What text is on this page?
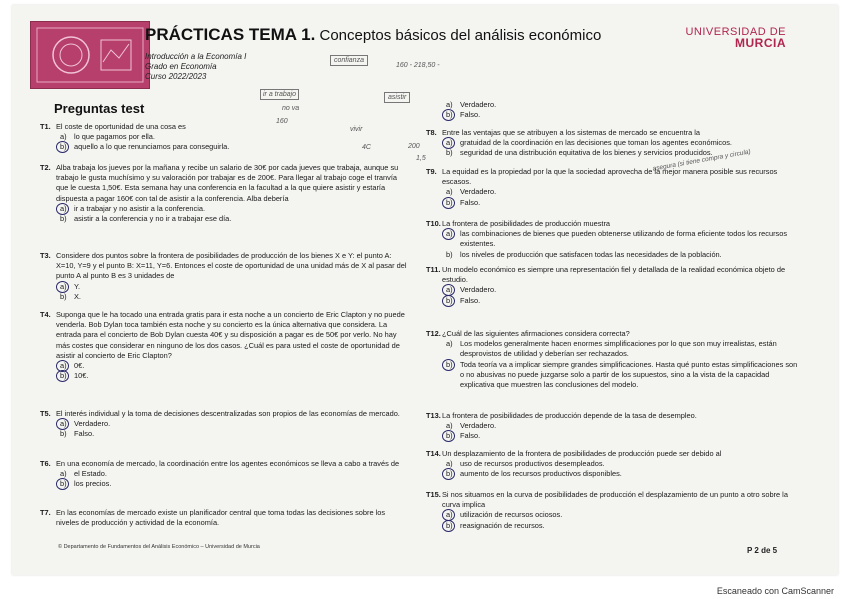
PRÁCTICAS TEMA 1. Conceptos básicos del análisis económico
Introducción a la Economía I
Grado en Economía
Curso 2022/2023
UNIVERSIDAD DE
MURCIA
confianza
160 - 218,50 -
ir a trabajo
no va
asistir
160
vivir
4C	200
1,5	asegura (si tiene compra y circula)
Preguntas test
T1. El coste de oportunidad de una cosa es
a) lo que pagamos por ella.
b) aquello a lo que renunciamos para conseguirla.
T2. Alba trabaja los jueves por la mañana y recibe un salario de 30€ por cada jueves que trabaja, aunque su trabajo le gusta muchísimo y su valoración por trabajar es de 200€. Para llegar al trabajo coge el tranvía que le cuesta 1,50€. Esta semana hay una conferencia en la facultad a la que quiere asistir y estaría dispuesta a pagar 160€ con tal de asistir a la conferencia. Alba debería
a) ir a trabajar y no asistir a la conferencia.
b) asistir a la conferencia y no ir a trabajar ese día.
T3. Considere dos puntos sobre la frontera de posibilidades de producción de los bienes X e Y: el punto A: X=10, Y=9 y el punto B: X=11, Y=6. Entonces el coste de oportunidad de una unidad más de X al pasar del punto A al punto B es 3 unidades de
a) Y.
b) X.
T4. Suponga que le ha tocado una entrada gratis para ir esta noche a un concierto de Eric Clapton y no puede venderla. Bob Dylan toca también esta noche y su concierto es la única alternativa que considera. La entrada para el concierto de Bob Dylan cuesta 40€ y su disposición a pagar es de 50€ por verlo. No hay más costes que considerar en ninguno de los dos casos. ¿Cuál es para usted el coste de oportunidad de asistir al concierto de Eric Clapton?
a) 0€.
b) 10€.
T5. El interés individual y la toma de decisiones descentralizadas son propios de las economías de mercado.
a) Verdadero.
b) Falso.
T6. En una economía de mercado, la coordinación entre los agentes económicos se lleva a cabo a través de
a) el Estado.
b) los precios.
T7. En las economías de mercado existe un planificador central que toma todas las decisiones sobre los niveles de producción y actividad de la economía.
a) Verdadero.
b) Falso.
T8. Entre las ventajas que se atribuyen a los sistemas de mercado se encuentra la
a) gratuidad de la coordinación en las decisiones que toman los agentes económicos.
b) seguridad de una distribución equitativa de los bienes y servicios producidos.
T9. La equidad es la propiedad por la que la sociedad aprovecha de la mejor manera posible sus recursos escasos.
a) Verdadero.
b) Falso.
T10. La frontera de posibilidades de producción muestra
a) las combinaciones de bienes que pueden obtenerse utilizando de forma eficiente todos los recursos existentes.
b) los niveles de producción que satisfacen todas las necesidades de la población.
T11. Un modelo económico es siempre una representación fiel y detallada de la realidad económica objeto de estudio.
a) Verdadero.
b) Falso.
T12. ¿Cuál de las siguientes afirmaciones considera correcta?
a) Los modelos generalmente hacen enormes simplificaciones por lo que son muy irrealistas, están desprovistos de utilidad y deberían ser rechazados.
b) Toda teoría va a implicar siempre grandes simplificaciones. Hasta qué punto estas simplificaciones son o no abusivas no puede juzgarse solo a partir de los supuestos, sino a la vista de la capacidad explicativa que muestren las conclusiones del modelo.
T13. La frontera de posibilidades de producción depende de la tasa de desempleo.
a) Verdadero.
b) Falso.
T14. Un desplazamiento de la frontera de posibilidades de producción puede ser debido al
a) uso de recursos productivos desempleados.
b) aumento de los recursos productivos disponibles.
T15. Si nos situamos en la curva de posibilidades de producción el desplazamiento de un punto a otro sobre la curva implica
a) utilización de recursos ociosos.
b) reasignación de recursos.
© Departamento de Fundamentos del Análisis Económico – Universidad de Murcia	P 2 de 5
Escaneado con CamScanner
